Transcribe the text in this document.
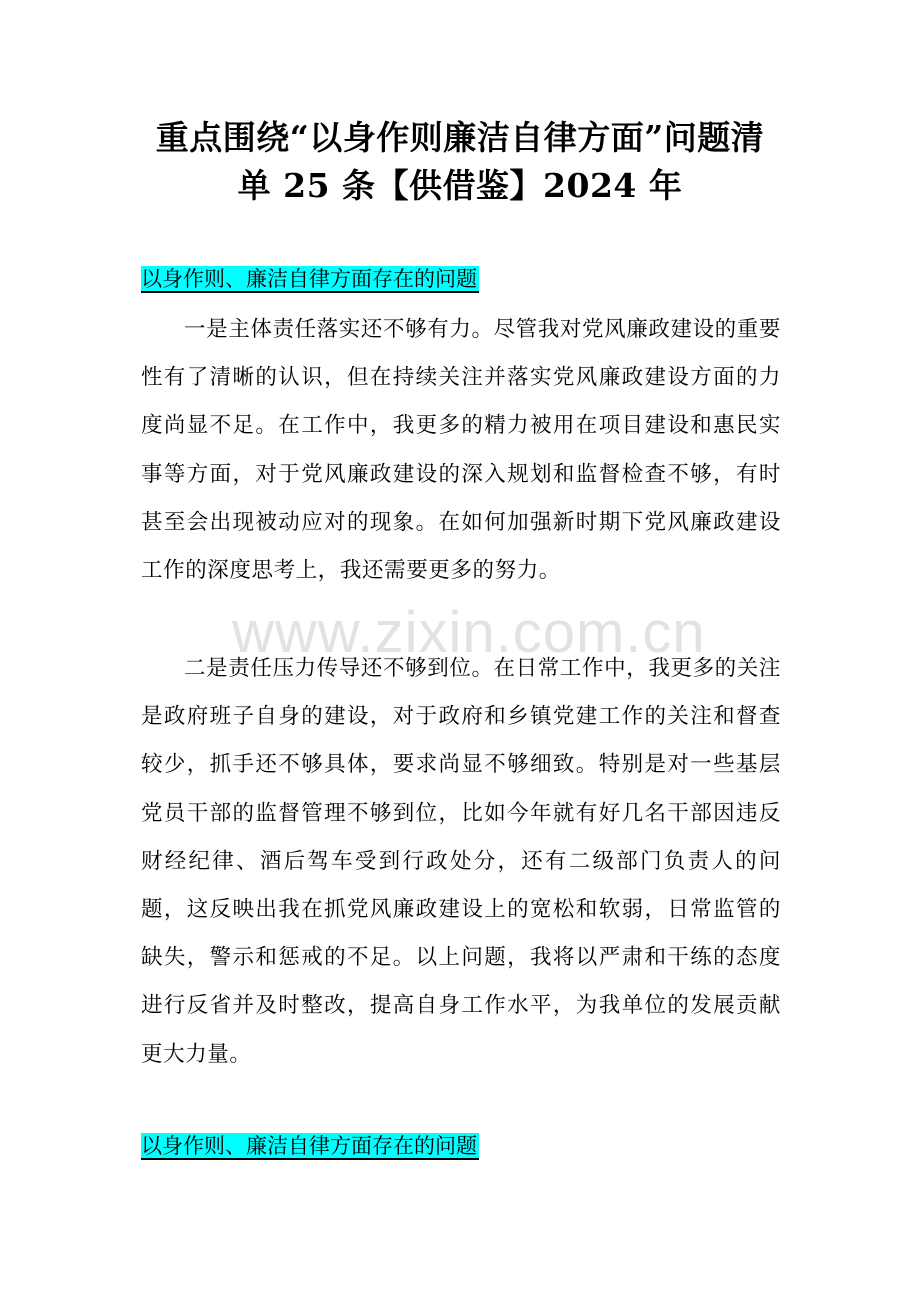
重点围绕“以身作则廉洁自律方面”问题清
单 25 条【供借鉴】2024 年
以身作则、廉洁自律方面存在的问题

一是主体责任落实还不够有力。尽管我对党风廉政建设的重要性有了清晰的认识，但在持续关注并落实党风廉政建设方面的力度尚显不足。在工作中，我更多的精力被用在项目建设和惠民实事等方面，对于党风廉政建设的深入规划和监督检查不够，有时甚至会出现被动应对的现象。在如何加强新时期下党风廉政建设工作的深度思考上，我还需要更多的努力。

www.zixin.com.cn

二是责任压力传导还不够到位。在日常工作中，我更多的关注是政府班子自身的建设，对于政府和乡镇党建工作的关注和督查较少，抓手还不够具体，要求尚显不够细致。特别是对一些基层党员干部的监督管理不够到位，比如今年就有好几名干部因违反财经纪律、酒后驾车受到行政处分，还有二级部门负责人的问题，这反映出我在抓党风廉政建设上的宽松和软弱，日常监管的缺失，警示和惩戒的不足。以上问题，我将以严肃和干练的态度进行反省并及时整改，提高自身工作水平，为我单位的发展贡献更大力量。

以身作则、廉洁自律方面存在的问题
